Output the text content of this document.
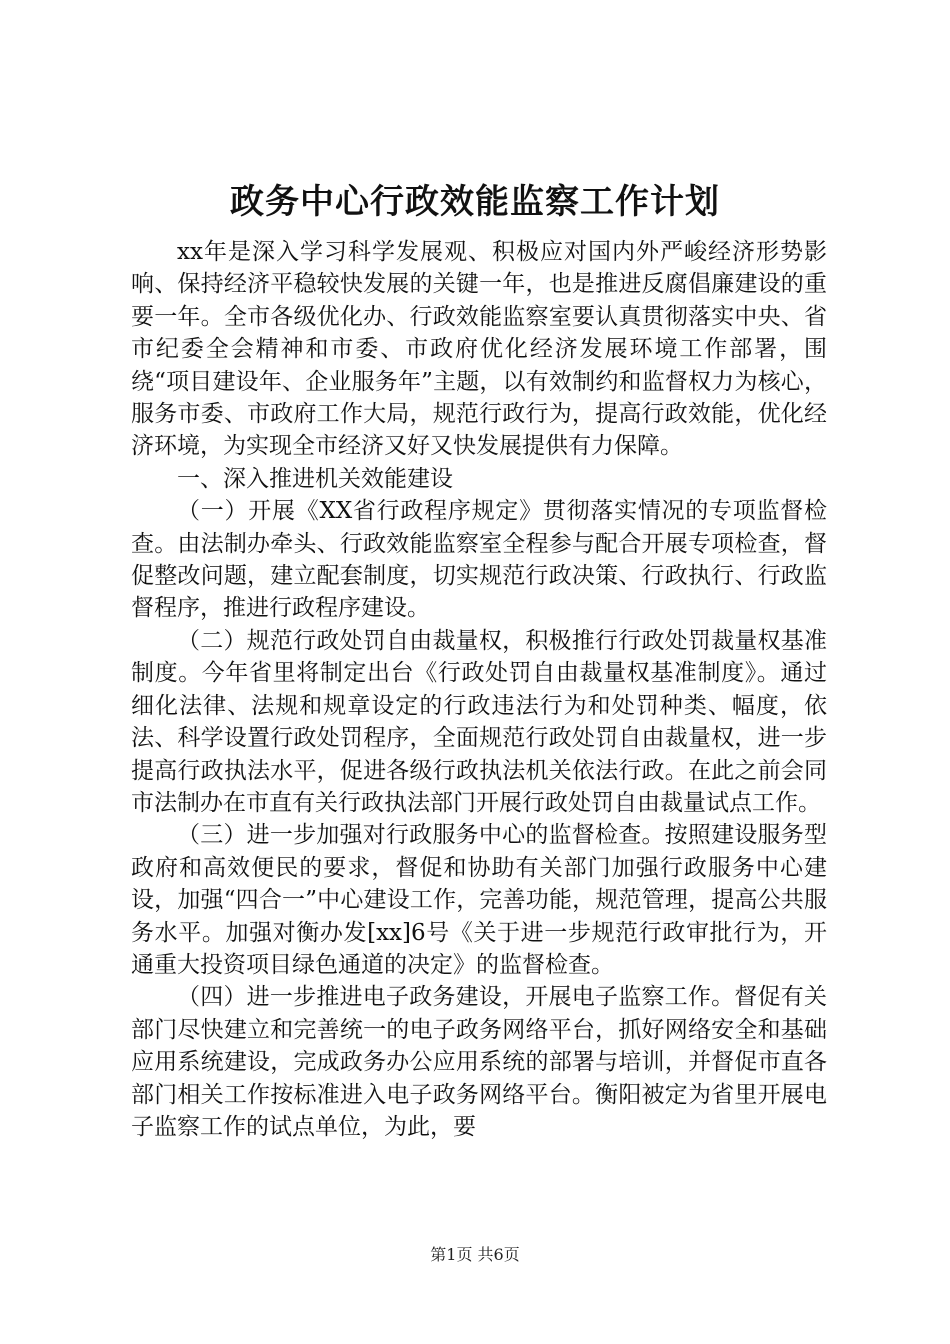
政务中心行政效能监察工作计划

xx年是深入学习科学发展观、积极应对国内外严峻经济形势影响、保持经济平稳较快发展的关键一年，也是推进反腐倡廉建设的重要一年。全市各级优化办、行政效能监察室要认真贯彻落实中央、省市纪委全会精神和市委、市政府优化经济发展环境工作部署，围绕“项目建设年、企业服务年”主题，以有效制约和监督权力为核心，服务市委、市政府工作大局，规范行政行为，提高行政效能，优化经济环境，为实现全市经济又好又快发展提供有力保障。

一、深入推进机关效能建设

（一）开展《XX省行政程序规定》贯彻落实情况的专项监督检查。由法制办牵头、行政效能监察室全程参与配合开展专项检查，督促整改问题，建立配套制度，切实规范行政决策、行政执行、行政监督程序，推进行政程序建设。

（二）规范行政处罚自由裁量权，积极推行行政处罚裁量权基准制度。今年省里将制定出台《行政处罚自由裁量权基准制度》。通过细化法律、法规和规章设定的行政违法行为和处罚种类、幅度，依法、科学设置行政处罚程序，全面规范行政处罚自由裁量权，进一步提高行政执法水平，促进各级行政执法机关依法行政。在此之前会同市法制办在市直有关行政执法部门开展行政处罚自由裁量试点工作。

（三）进一步加强对行政服务中心的监督检查。按照建设服务型政府和高效便民的要求，督促和协助有关部门加强行政服务中心建设，加强“四合一”中心建设工作，完善功能，规范管理，提高公共服务水平。加强对衡办发[xx]6号《关于进一步规范行政审批行为，开通重大投资项目绿色通道的决定》的监督检查。

（四）进一步推进电子政务建设，开展电子监察工作。督促有关部门尽快建立和完善统一的电子政务网络平台，抓好网络安全和基础应用系统建设，完成政务办公应用系统的部署与培训，并督促市直各部门相关工作按标准进入电子政务网络平台。衡阳被定为省里开展电子监察工作的试点单位，为此，要

第1页 共6页
